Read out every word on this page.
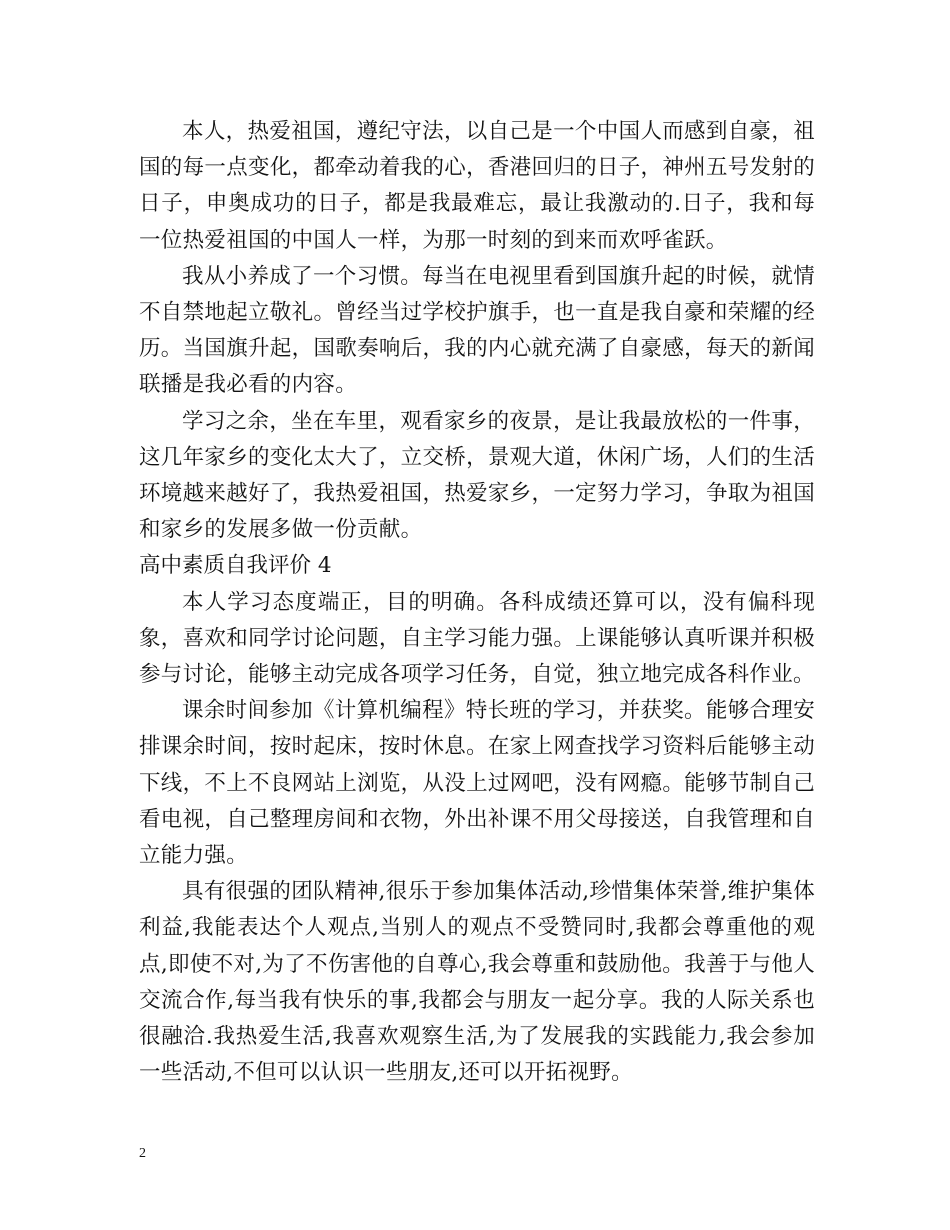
本人，热爱祖国，遵纪守法，以自己是一个中国人而感到自豪，祖国的每一点变化，都牵动着我的心，香港回归的日子，神州五号发射的日子，申奥成功的日子，都是我最难忘，最让我激动的.日子，我和每一位热爱祖国的中国人一样，为那一时刻的到来而欢呼雀跃。

我从小养成了一个习惯。每当在电视里看到国旗升起的时候，就情不自禁地起立敬礼。曾经当过学校护旗手，也一直是我自豪和荣耀的经历。当国旗升起，国歌奏响后，我的内心就充满了自豪感，每天的新闻联播是我必看的内容。

学习之余，坐在车里，观看家乡的夜景，是让我最放松的一件事，这几年家乡的变化太大了，立交桥，景观大道，休闲广场，人们的生活环境越来越好了，我热爱祖国，热爱家乡，一定努力学习，争取为祖国和家乡的发展多做一份贡献。

高中素质自我评价 4

本人学习态度端正，目的明确。各科成绩还算可以，没有偏科现象，喜欢和同学讨论问题，自主学习能力强。上课能够认真听课并积极参与讨论，能够主动完成各项学习任务，自觉，独立地完成各科作业。

课余时间参加《计算机编程》特长班的学习，并获奖。能够合理安排课余时间，按时起床，按时休息。在家上网查找学习资料后能够主动下线，不上不良网站上浏览，从没上过网吧，没有网瘾。能够节制自己看电视，自己整理房间和衣物，外出补课不用父母接送，自我管理和自立能力强。

具有很强的团队精神,很乐于参加集体活动,珍惜集体荣誉,维护集体利益,我能表达个人观点,当别人的观点不受赞同时,我都会尊重他的观点,即使不对,为了不伤害他的自尊心,我会尊重和鼓励他。我善于与他人交流合作,每当我有快乐的事,我都会与朋友一起分享。我的人际关系也很融洽.我热爱生活,我喜欢观察生活,为了发展我的实践能力,我会参加一些活动,不但可以认识一些朋友,还可以开拓视野。

2
